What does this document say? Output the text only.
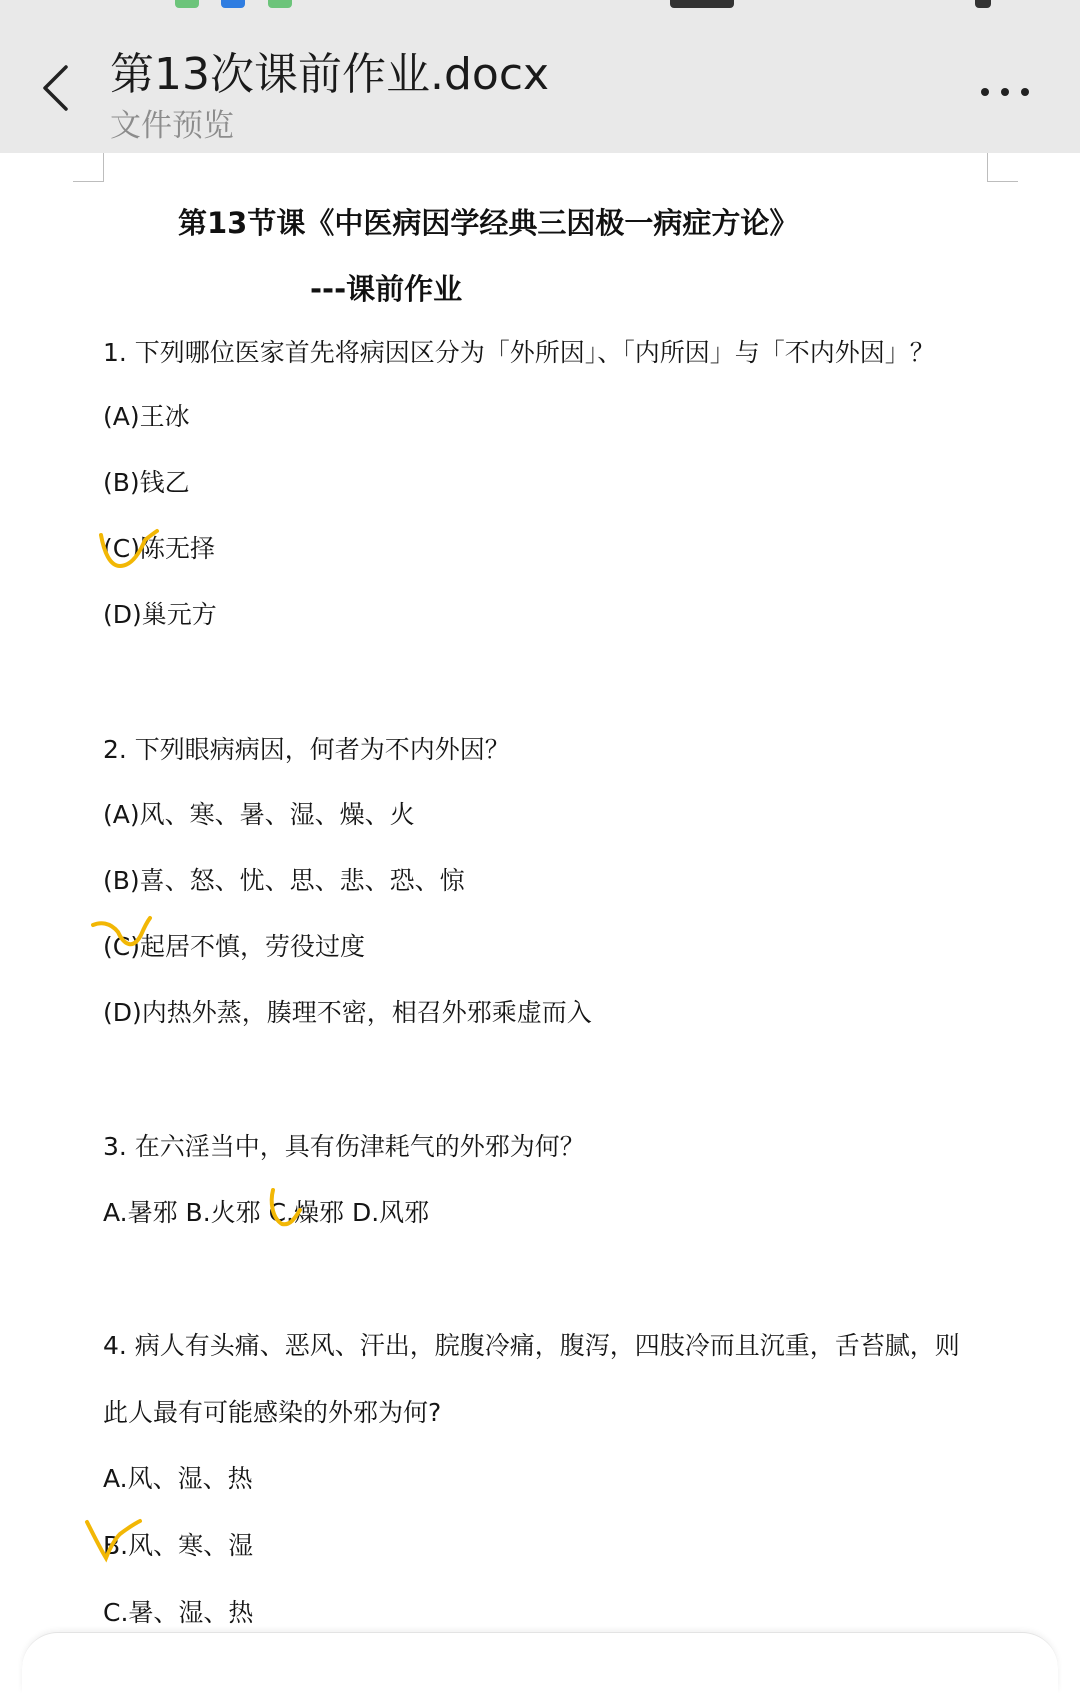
第13次课前作业.docx
文件预览
第13节课《中医病因学经典三因极一病症方论》
---课前作业
1. 下列哪位医家首先将病因区分为「外所因」、「内所因」与「不内外因」？
(A)王冰
(B)钱乙
(C)陈无择
(D)巢元方
2. 下列眼病病因，何者为不内外因？
(A)风、寒、暑、湿、燥、火
(B)喜、怒、忧、思、悲、恐、惊
(C)起居不慎，劳役过度
(D)内热外蒸，腠理不密，相召外邪乘虚而入
3. 在六淫当中，具有伤津耗气的外邪为何？
A.暑邪 B.火邪 C.燥邪 D.风邪
4. 病人有头痛、恶风、汗出，脘腹冷痛，腹泻，四肢冷而且沉重，舌苔腻，则
此人最有可能感染的外邪为何?
A.风、湿、热
B.风、寒、湿
C.暑、湿、热
